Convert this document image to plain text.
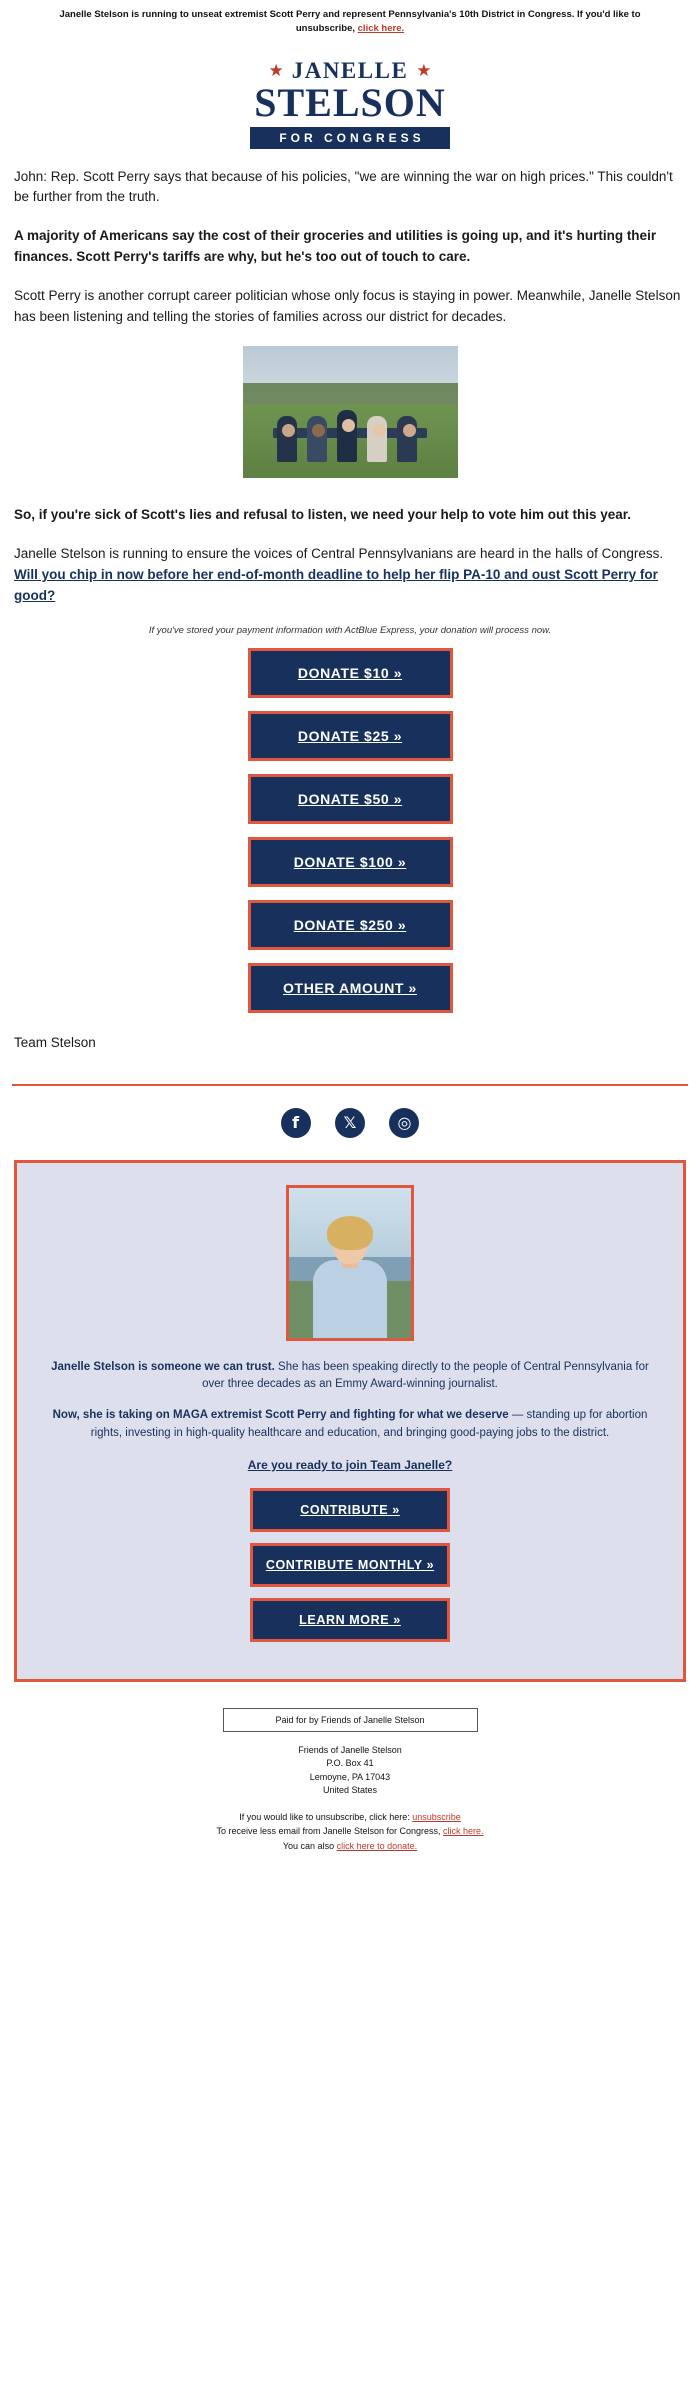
Janelle Stelson is running to unseat extremist Scott Perry and represent Pennsylvania's 10th District in Congress. If you'd like to unsubscribe, click here.
★ JANELLE ★
STELSON
FOR CONGRESS

John: Rep. Scott Perry says that because of his policies, "we are winning the war on high prices." This couldn't be further from the truth.

A majority of Americans say the cost of their groceries and utilities is going up, and it's hurting their finances. Scott Perry's tariffs are why, but he's too out of touch to care.

Scott Perry is another corrupt career politician whose only focus is staying in power. Meanwhile, Janelle Stelson has been listening and telling the stories of families across our district for decades.

So, if you're sick of Scott's lies and refusal to listen, we need your help to vote him out this year.

Janelle Stelson is running to ensure the voices of Central Pennsylvanians are heard in the halls of Congress. Will you chip in now before her end-of-month deadline to help her flip PA-10 and oust Scott Perry for good?

If you've stored your payment information with ActBlue Express, your donation will process now.
DONATE $10 »
DONATE $25 »
DONATE $50 »
DONATE $100 »
DONATE $250 »
OTHER AMOUNT »
Team Stelson
f
	𝕏
	◎

Janelle Stelson is someone we can trust. She has been speaking directly to the people of Central Pennsylvania for over three decades as an Emmy Award-winning journalist.

Now, she is taking on MAGA extremist Scott Perry and fighting for what we deserve — standing up for abortion rights, investing in high-quality healthcare and education, and bringing good-paying jobs to the district.

Are you ready to join Team Janelle?
CONTRIBUTE »
CONTRIBUTE MONTHLY »
LEARN MORE »
Paid for by Friends of Janelle Stelson
Friends of Janelle Stelson
P.O. Box 41
Lemoyne, PA 17043
United States
If you would like to unsubscribe, click here: unsubscribe
To receive less email from Janelle Stelson for Congress, click here.
You can also click here to donate.
